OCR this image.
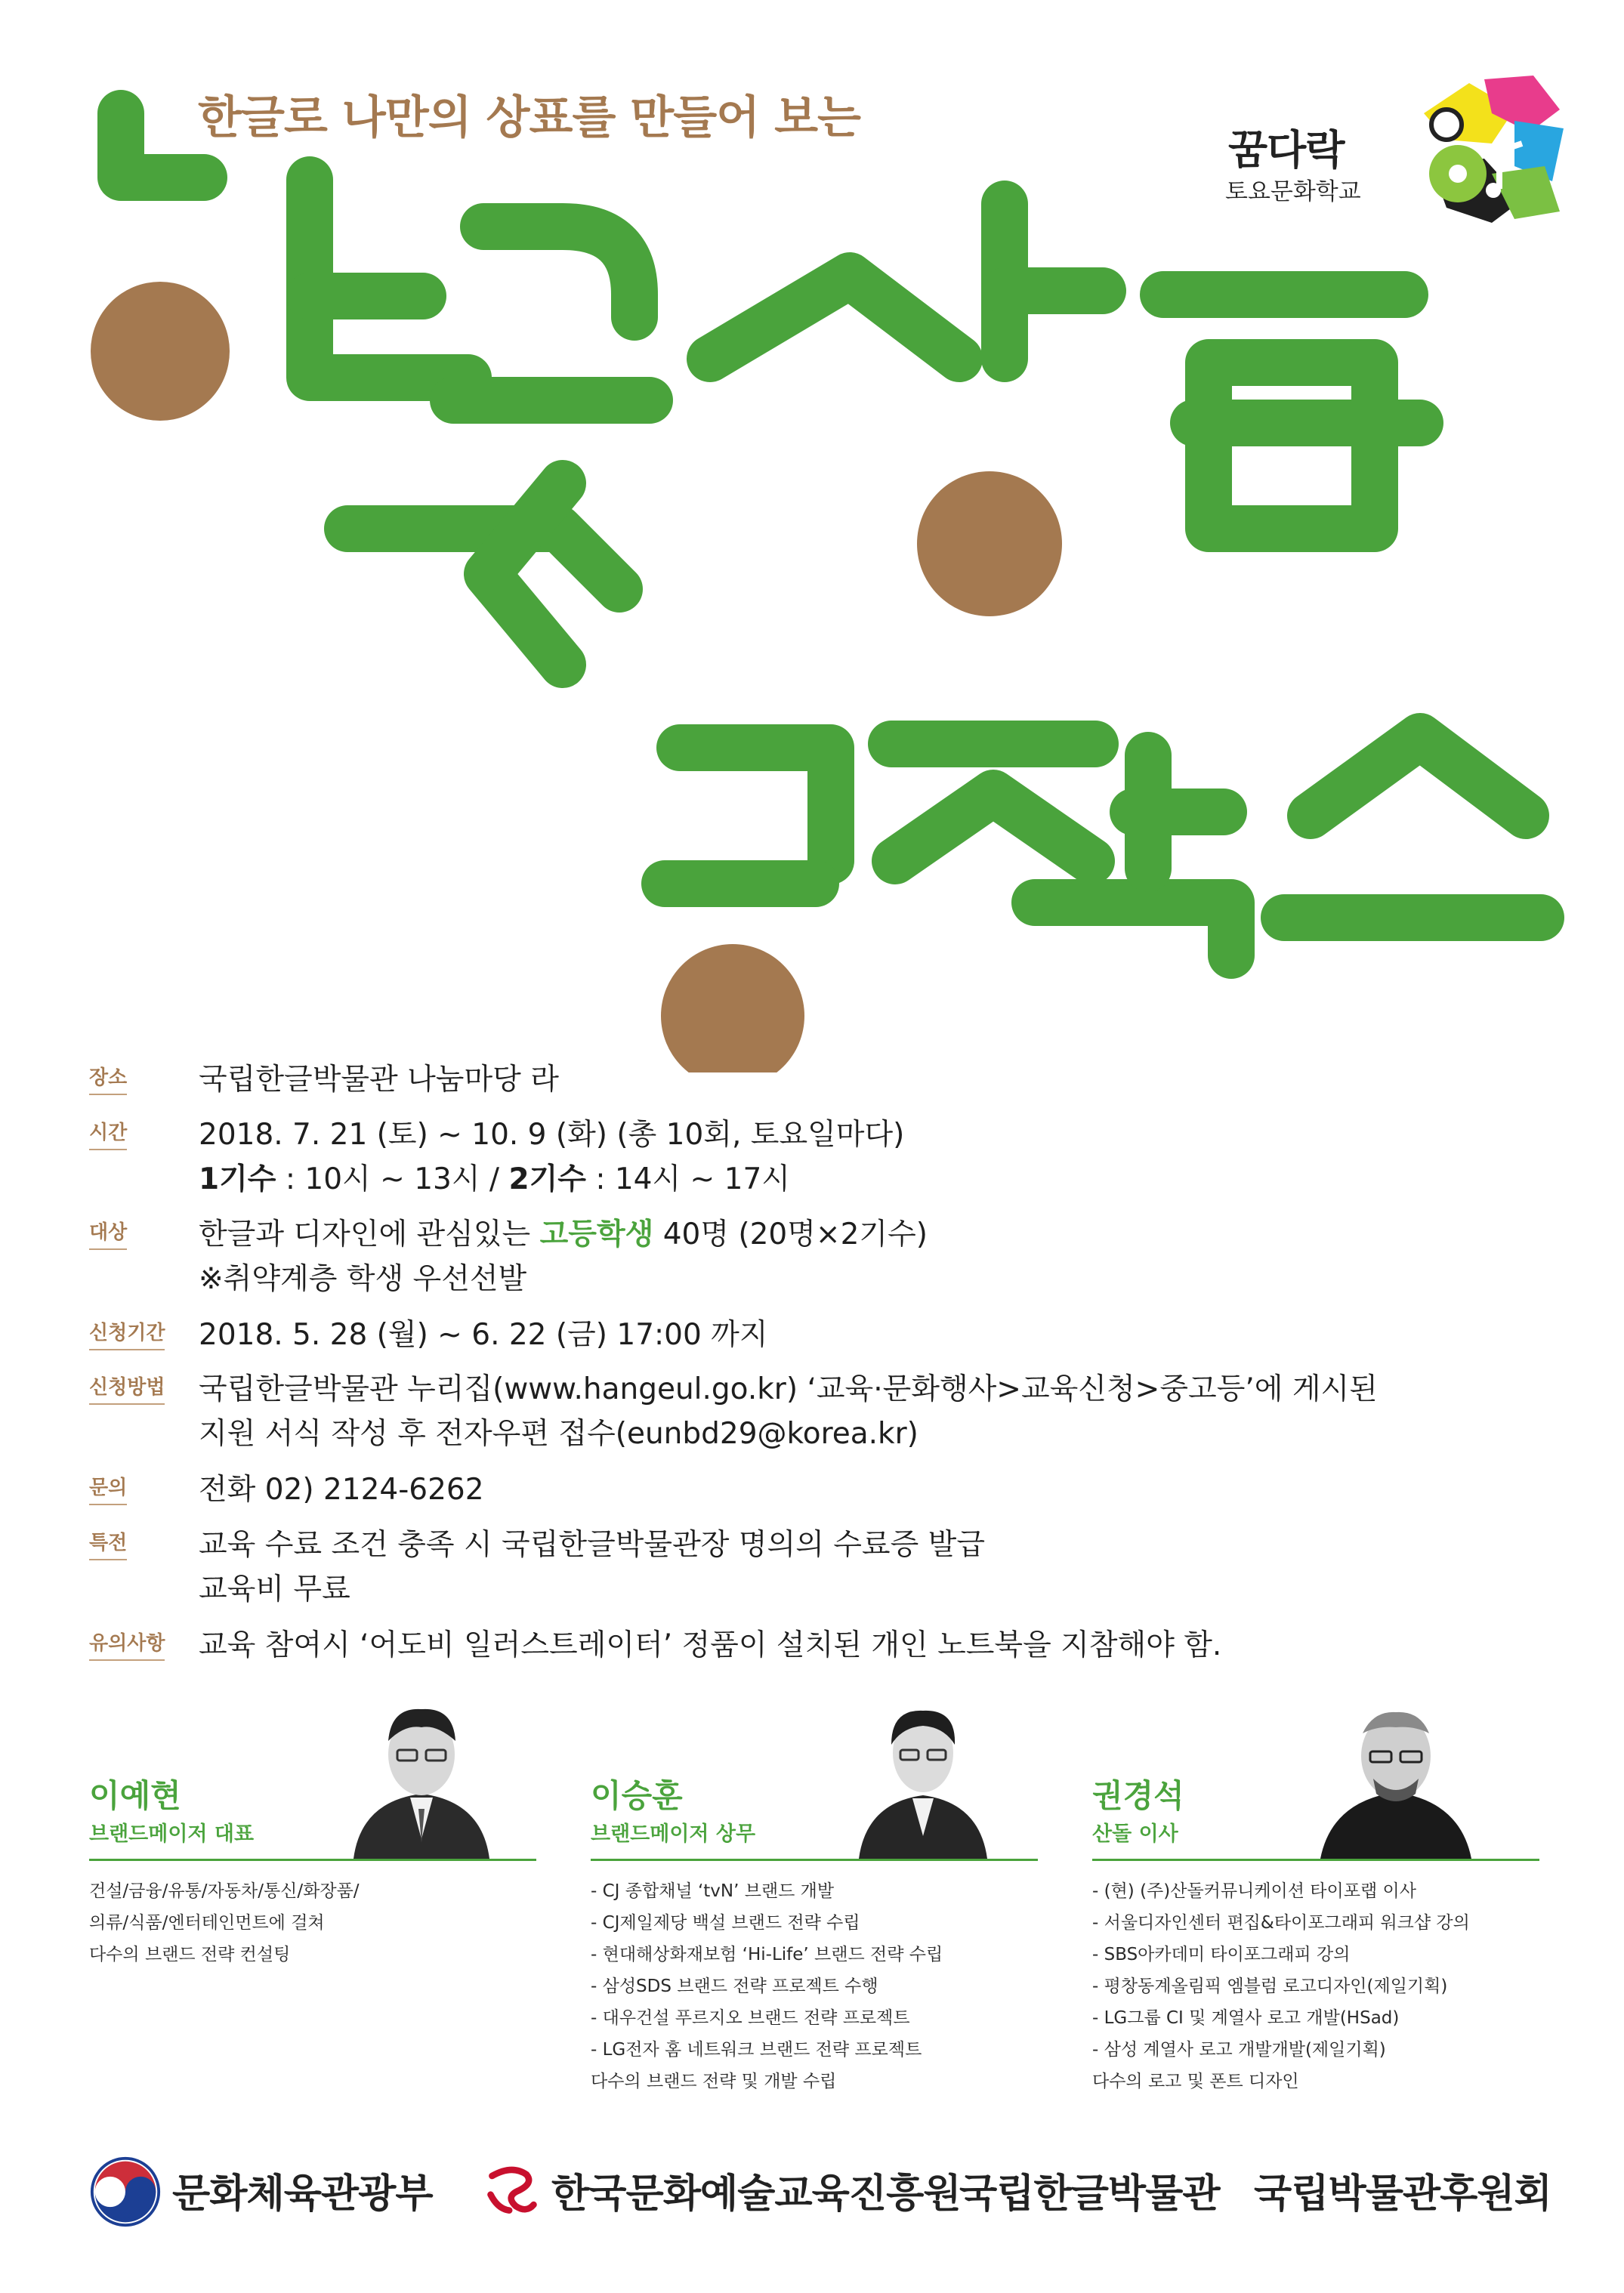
한글로 나만의 상표를 만들어 보는
꿈다락
토요문화학교
장소 국립한글박물관 나눔마당 라
시간 2018. 7. 21 (토) ~ 10. 9 (화) (총 10회, 토요일마다)
1기수 : 10시 ~ 13시 / 2기수 : 14시 ~ 17시
대상 한글과 디자인에 관심있는 고등학생 40명 (20명×2기수)
※취약계층 학생 우선선발
신청기간 2018. 5. 28 (월) ~ 6. 22 (금) 17:00 까지
신청방법 국립한글박물관 누리집(www.hangeul.go.kr) ‘교육·문화행사>교육신청>중고등’에 게시된
지원 서식 작성 후 전자우편 접수(eunbd29@korea.kr)
문의 전화 02) 2124-6262
특전 교육 수료 조건 충족 시 국립한글박물관장 명의의 수료증 발급
교육비 무료
유의사항 교육 참여시 ‘어도비 일러스트레이터’ 정품이 설치된 개인 노트북을 지참해야 함.
이예현
브랜드메이저 대표
건설/금융/유통/자동차/통신/화장품/
의류/식품/엔터테인먼트에 걸쳐
다수의 브랜드 전략 컨설팅
이승훈
브랜드메이저 상무
- CJ 종합채널 ‘tvN’ 브랜드 개발
- CJ제일제당 백설 브랜드 전략 수립
- 현대해상화재보험 ‘Hi-Life’ 브랜드 전략 수립
- 삼성SDS 브랜드 전략 프로젝트 수행
- 대우건설 푸르지오 브랜드 전략 프로젝트
- LG전자 홈 네트워크 브랜드 전략 프로젝트
다수의 브랜드 전략 및 개발 수립
권경석
산돌 이사
- (현) (주)산돌커뮤니케이션 타이포랩 이사
- 서울디자인센터 편집&타이포그래피 워크샵 강의
- SBS아카데미 타이포그래피 강의
- 평창동계올림픽 엠블럼 로고디자인(제일기획)
- LG그룹 CI 및 계열사 로고 개발(HSad)
- 삼성 계열사 로고 개발개발(제일기획)
다수의 로고 및 폰트 디자인
문화체육관광부	한국문화예술교육진흥원
국립한글박물관 국립박물관후원회
